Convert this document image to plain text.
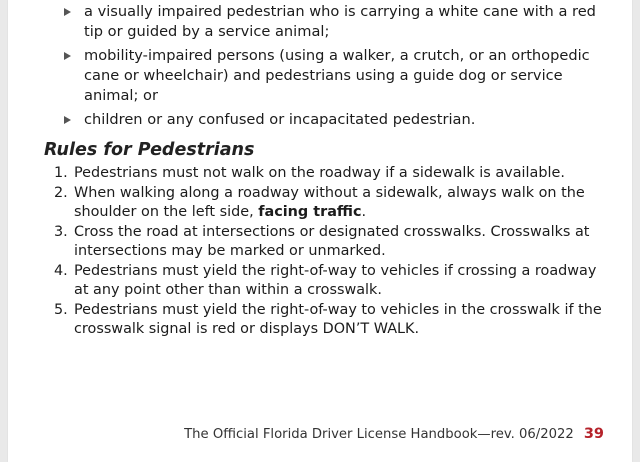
a visually impaired pedestrian who is carrying a white cane with a red tip or guided by a service animal;
mobility-impaired persons (using a walker, a crutch, or an orthopedic cane or wheelchair) and pedestrians using a guide dog or service animal; or
children or any confused or incapacitated pedestrian.
Rules for Pedestrians
1. Pedestrians must not walk on the roadway if a sidewalk is available.
2. When walking along a roadway without a sidewalk, always walk on the shoulder on the left side, facing traffic.
3. Cross the road at intersections or designated crosswalks. Crosswalks at intersections may be marked or unmarked.
4. Pedestrians must yield the right-of-way to vehicles if crossing a roadway at any point other than within a crosswalk.
5. Pedestrians must yield the right-of-way to vehicles in the crosswalk if the crosswalk signal is red or displays DON’T WALK.
The Official Florida Driver License Handbook—rev. 06/2022 39
